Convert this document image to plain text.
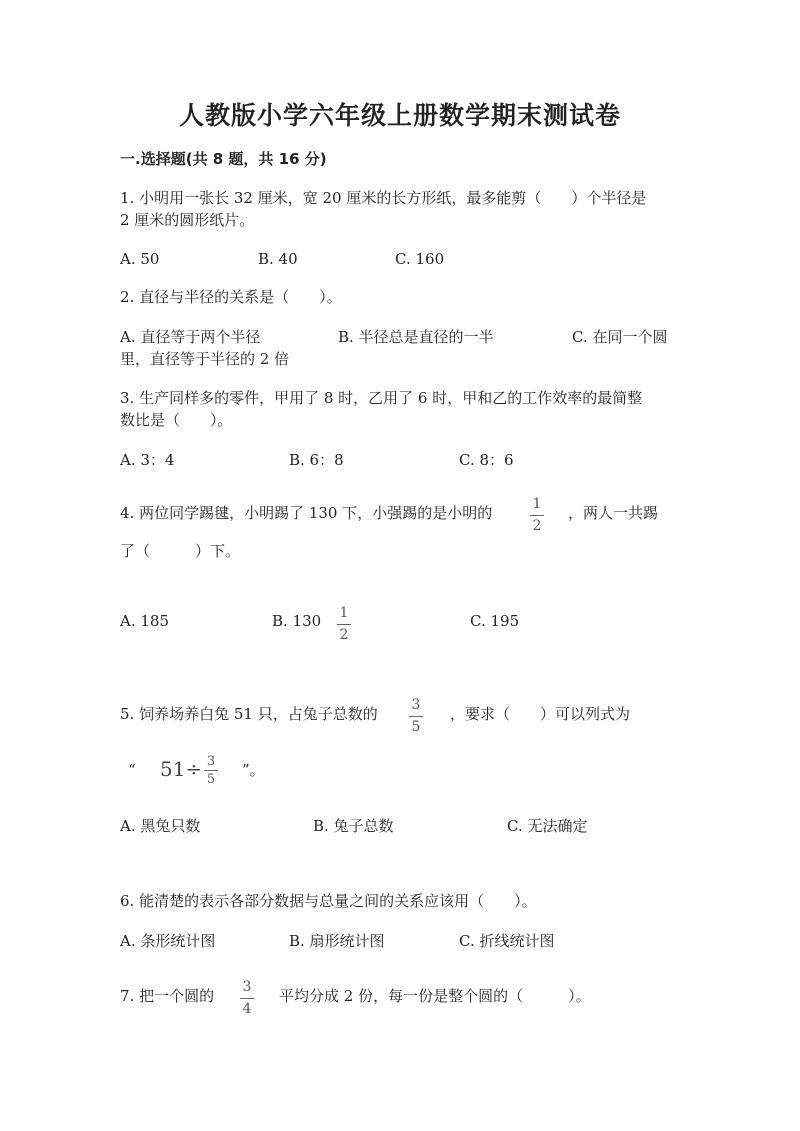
人教版小学六年级上册数学期末测试卷
一.选择题(共 8 题，共 16 分)
1. 小明用一张长 32 厘米，宽 20 厘米的长方形纸，最多能剪（　　）个半径是
2 厘米的圆形纸片。
A. 50	B. 40	C. 160
2. 直径与半径的关系是（　　）。
A. 直径等于两个半径	B. 半径总是直径的一半	C. 在同一个圆
里，直径等于半径的 2 倍
3. 生产同样多的零件，甲用了 8 时，乙用了 6 时，甲和乙的工作效率的最简整
数比是（　　）。
A. 3：4	B. 6：8	C. 8：6
4. 两位同学踢毽，小明踢了 130 下，小强踢的是小明的	1
2
，两人一共踢
了（　　　）下。
A. 185	B. 130 1
2
C. 195
5. 饲养场养白兔 51 只，占兔子总数的 3
5
，要求（　　）可以列式为
“ 51÷ 3
5
”。
A. 黑兔只数	B. 兔子总数	C. 无法确定
6. 能清楚的表示各部分数据与总量之间的关系应该用（　　）。
A. 条形统计图	B. 扇形统计图	C. 折线统计图
7. 把一个圆的 3
4
平均分成 2 份，每一份是整个圆的（　　　）。
